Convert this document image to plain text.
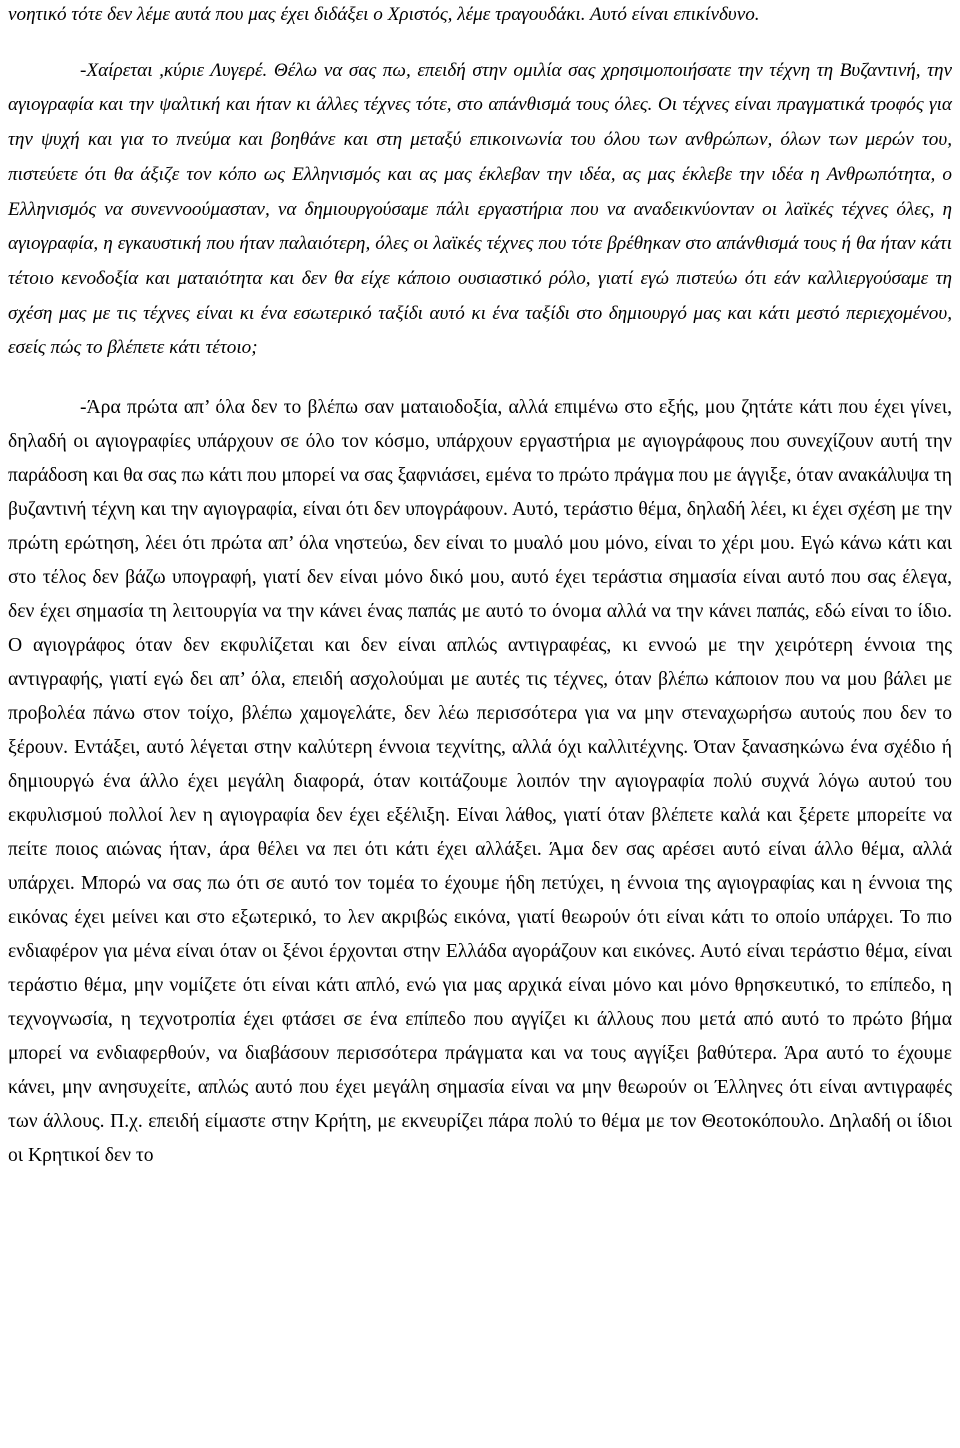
νοητικό τότε δεν λέμε αυτά που μας έχει διδάξει ο Χριστός, λέμε τραγουδάκι. Αυτό είναι επικίνδυνο.

-Χαίρεται ,κύριε Λυγερέ. Θέλω να σας πω, επειδή στην ομιλία σας χρησιμοποιήσατε την τέχνη τη Βυζαντινή, την αγιογραφία και την ψαλτική και ήταν κι άλλες τέχνες τότε, στο απάνθισμά τους όλες. Οι τέχνες είναι πραγματικά τροφός για την ψυχή και για το πνεύμα και βοηθάνε και στη μεταξύ επικοινωνία του όλου των ανθρώπων, όλων των μερών του, πιστεύετε ότι θα άξιζε τον κόπο ως Ελληνισμός και ας μας έκλεβαν την ιδέα, ας μας έκλεβε την ιδέα η Ανθρωπότητα, ο Ελληνισμός να συνεννοούμασταν, να δημιουργούσαμε πάλι εργαστήρια που να αναδεικνύονταν οι λαϊκές τέχνες όλες, η αγιογραφία, η εγκαυστική που ήταν παλαιότερη, όλες οι λαϊκές τέχνες που τότε βρέθηκαν στο απάνθισμά τους ή θα ήταν κάτι τέτοιο κενοδοξία και ματαιότητα και δεν θα είχε κάποιο ουσιαστικό ρόλο, γιατί εγώ πιστεύω ότι εάν καλλιεργούσαμε τη σχέση μας με τις τέχνες είναι κι ένα εσωτερικό ταξίδι αυτό κι ένα ταξίδι στο δημιουργό μας και κάτι μεστό περιεχομένου, εσείς πώς το βλέπετε κάτι τέτοιο;

-Άρα πρώτα απ’ όλα δεν το βλέπω σαν ματαιοδοξία, αλλά επιμένω στο εξής, μου ζητάτε κάτι που έχει γίνει, δηλαδή οι αγιογραφίες υπάρχουν σε όλο τον κόσμο, υπάρχουν εργαστήρια με αγιογράφους που συνεχίζουν αυτή την παράδοση και θα σας πω κάτι που μπορεί να σας ξαφνιάσει, εμένα το πρώτο πράγμα που με άγγιξε, όταν ανακάλυψα τη βυζαντινή τέχνη και την αγιογραφία, είναι ότι δεν υπογράφουν. Αυτό, τεράστιο θέμα, δηλαδή λέει, κι έχει σχέση με την πρώτη ερώτηση, λέει ότι πρώτα απ’ όλα νηστεύω, δεν είναι το μυαλό μου μόνο, είναι το χέρι μου. Εγώ κάνω κάτι και στο τέλος δεν βάζω υπογραφή, γιατί δεν είναι μόνο δικό μου, αυτό έχει τεράστια σημασία είναι αυτό που σας έλεγα, δεν έχει σημασία τη λειτουργία να την κάνει ένας παπάς με αυτό το όνομα αλλά να την κάνει παπάς, εδώ είναι το ίδιο. Ο αγιογράφος όταν δεν εκφυλίζεται και δεν είναι απλώς αντιγραφέας, κι εννοώ με την χειρότερη έννοια της αντιγραφής, γιατί εγώ δει απ’ όλα, επειδή ασχολούμαι με αυτές τις τέχνες, όταν βλέπω κάποιον που να μου βάλει με προβολέα πάνω στον τοίχο, βλέπω χαμογελάτε, δεν λέω περισσότερα για να μην στεναχωρήσω αυτούς που δεν το ξέρουν. Εντάξει, αυτό λέγεται στην καλύτερη έννοια τεχνίτης, αλλά όχι καλλιτέχνης. Όταν ξανασηκώνω ένα σχέδιο ή δημιουργώ ένα άλλο έχει μεγάλη διαφορά, όταν κοιτάζουμε λοιπόν την αγιογραφία πολύ συχνά λόγω αυτού του εκφυλισμού πολλοί λεν η αγιογραφία δεν έχει εξέλιξη. Είναι λάθος, γιατί όταν βλέπετε καλά και ξέρετε μπορείτε να πείτε ποιος αιώνας ήταν, άρα θέλει να πει ότι κάτι έχει αλλάξει. Άμα δεν σας αρέσει αυτό είναι άλλο θέμα, αλλά υπάρχει. Μπορώ να σας πω ότι σε αυτό τον τομέα το έχουμε ήδη πετύχει, η έννοια της αγιογραφίας και η έννοια της εικόνας έχει μείνει και στο εξωτερικό, το λεν ακριβώς εικόνα, γιατί θεωρούν ότι είναι κάτι το οποίο υπάρχει. Το πιο ενδιαφέρον για μένα είναι όταν οι ξένοι έρχονται στην Ελλάδα αγοράζουν και εικόνες. Αυτό είναι τεράστιο θέμα, είναι τεράστιο θέμα, μην νομίζετε ότι είναι κάτι απλό, ενώ για μας αρχικά είναι μόνο και μόνο θρησκευτικό, το επίπεδο, η τεχνογνωσία, η τεχνοτροπία έχει φτάσει σε ένα επίπεδο που αγγίζει κι άλλους που μετά από αυτό το πρώτο βήμα μπορεί να ενδιαφερθούν, να διαβάσουν περισσότερα πράγματα και να τους αγγίξει βαθύτερα. Άρα αυτό το έχουμε κάνει, μην ανησυχείτε, απλώς αυτό που έχει μεγάλη σημασία είναι να μην θεωρούν οι Έλληνες ότι είναι αντιγραφές των άλλους. Π.χ. επειδή είμαστε στην Κρήτη, με εκνευρίζει πάρα πολύ το θέμα με τον Θεοτοκόπουλο. Δηλαδή οι ίδιοι οι Κρητικοί δεν το
